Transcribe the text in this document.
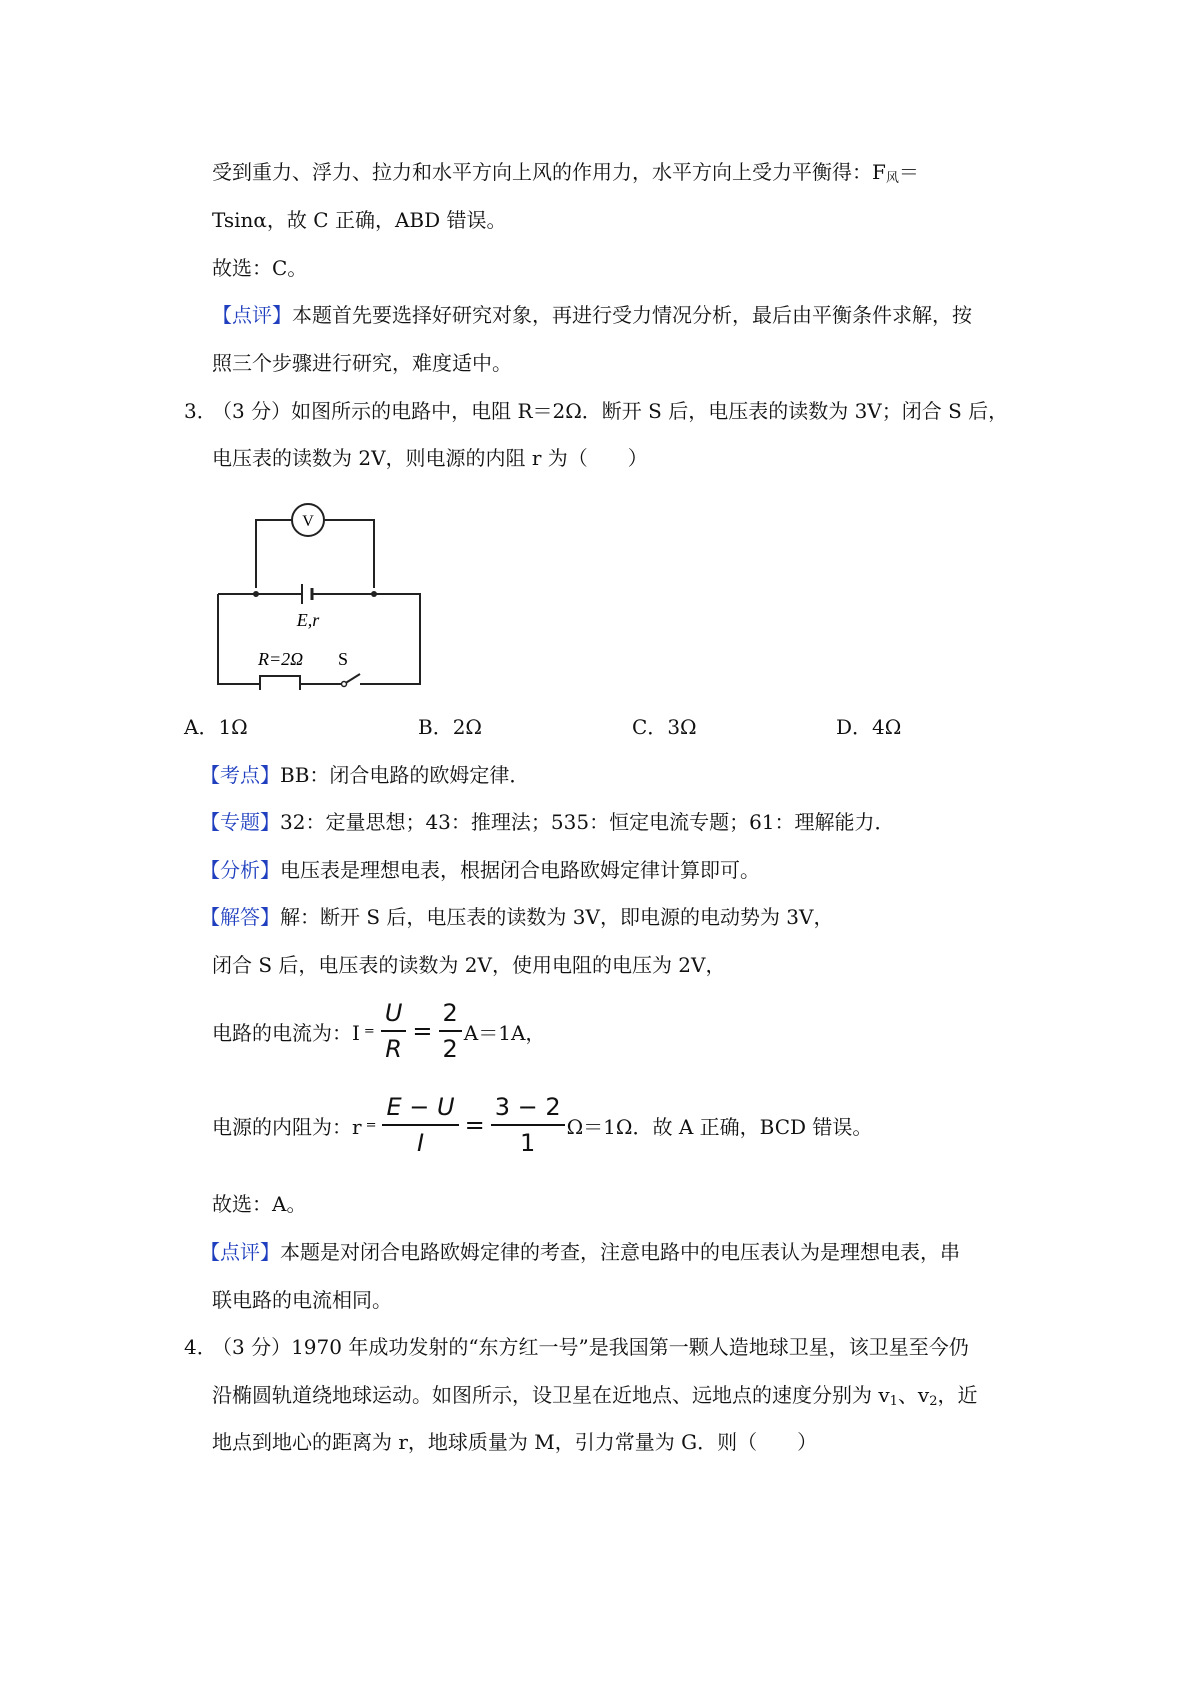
受到重力、浮力、拉力和水平方向上风的作用力，水平方向上受力平衡得：$F_风=$
Tsinα，故 C 正确，ABD 错误。
故选：C。
【点评】本题首先要选择好研究对象，再进行受力情况分析，最后由平衡条件求解，按
照三个步骤进行研究，难度适中。
3．
（3 分）如图所示的电路中，电阻 R＝2Ω．断开 S 后，电压表的读数为 3V；闭合 S 后，
电压表的读数为 2V，则电源的内阻 r 为（　　）
V
E,r
R=2Ω S
A．1Ω	B．2Ω	C．3Ω	D．4Ω
【考点】BB：闭合电路的欧姆定律．
【专题】32：定量思想；43：推理法；535：恒定电流专题；61：理解能力．
【分析】电压表是理想电表，根据闭合电路欧姆定律计算即可。
【解答】解：断开 S 后，电压表的读数为 3V，即电源的电动势为 3V，
闭合 S 后，电压表的读数为 2V，使用电阻的电压为 2V，
电路的电流为：$I = \frac{U}{R} = \frac{2}{2} A=1A$，
电源的内阻为：$r = \frac{E - U}{I} = \frac{3 - 2}{1} \Omega=1\Omega$．故 A 正确，BCD 错误。
故选：A。
【点评】本题是对闭合电路欧姆定律的考查，注意电路中的电压表认为是理想电表，串
联电路的电流相同。
4．
（3 分）1970 年成功发射的“东方红一号”是我国第一颗人造地球卫星，该卫星至今仍
沿椭圆轨道绕地球运动。如图所示，设卫星在近地点、远地点的速度分别为 $v_1$、$v_2$，近
地点到地心的距离为 r，地球质量为 M，引力常量为 G．则（　　）
